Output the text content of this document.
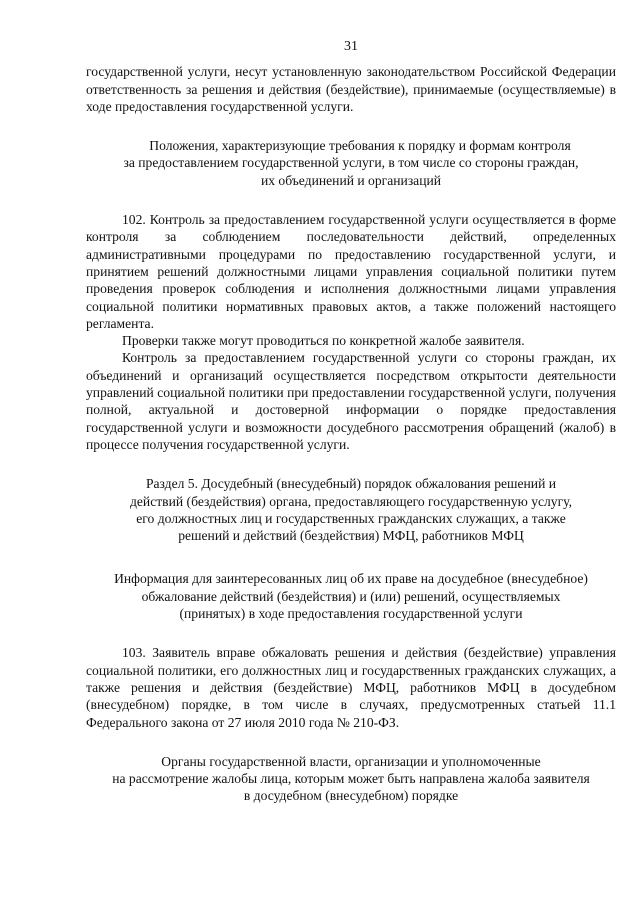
31

государственной услуги, несут установленную законодательством Российской Федерации ответственность за решения и действия (бездействие), принимаемые (осуществляемые) в ходе предоставления государственной услуги.

Положения, характеризующие требования к порядку и формам контроля
за предоставлением государственной услуги, в том числе со стороны граждан,
их объединений и организаций

102. Контроль за предоставлением государственной услуги осуществляется в форме контроля за соблюдением последовательности действий, определенных административными процедурами по предоставлению государственной услуги, и принятием решений должностными лицами управления социальной политики путем проведения проверок соблюдения и исполнения должностными лицами управления социальной политики нормативных правовых актов, а также положений настоящего регламента.

Проверки также могут проводиться по конкретной жалобе заявителя.

Контроль за предоставлением государственной услуги со стороны граждан, их объединений и организаций осуществляется посредством открытости деятельности управлений социальной политики при предоставлении государственной услуги, получения полной, актуальной и достоверной информации о порядке предоставления государственной услуги и возможности досудебного рассмотрения обращений (жалоб) в процессе получения государственной услуги.

Раздел 5. Досудебный (внесудебный) порядок обжалования решений и
действий (бездействия) органа, предоставляющего государственную услугу,
его должностных лиц и государственных гражданских служащих, а также
решений и действий (бездействия) МФЦ, работников МФЦ
Информация для заинтересованных лиц об их праве на досудебное (внесудебное)
обжалование действий (бездействия) и (или) решений, осуществляемых
(принятых) в ходе предоставления государственной услуги

103. Заявитель вправе обжаловать решения и действия (бездействие) управления социальной политики, его должностных лиц и государственных гражданских служащих, а также решения и действия (бездействие) МФЦ, работников МФЦ в досудебном (внесудебном) порядке, в том числе в случаях, предусмотренных статьей 11.1 Федерального закона от 27 июля 2010 года № 210-ФЗ.

Органы государственной власти, организации и уполномоченные
на рассмотрение жалобы лица, которым может быть направлена жалоба заявителя
в досудебном (внесудебном) порядке
